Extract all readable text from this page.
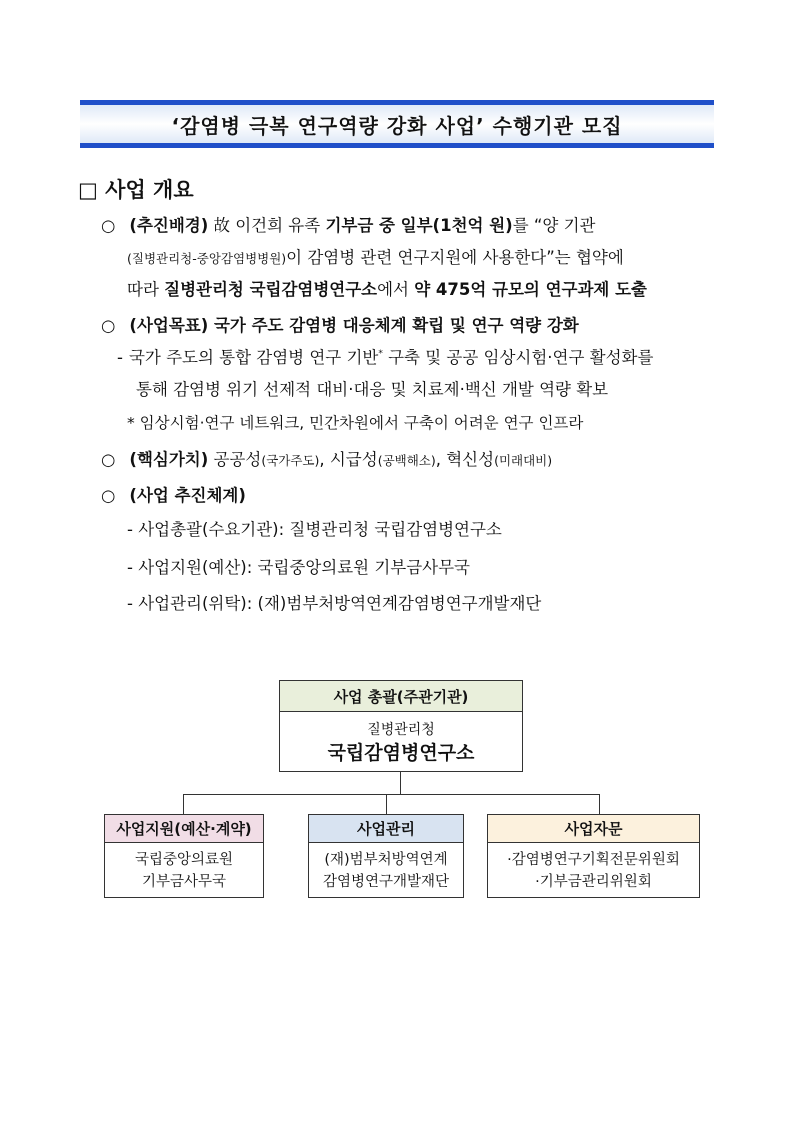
‘감염병 극복 연구역량 강화 사업’ 수행기관 모집
□ 사업 개요
○ (추진배경) 故 이건희 유족 기부금 중 일부(1천억 원)를 “양 기관
(질병관리청-중앙감염병병원)이 감염병 관련 연구지원에 사용한다”는 협약에
따라 질병관리청 국립감염병연구소에서 약 475억 규모의 연구과제 도출
○ (사업목표) 국가 주도 감염병 대응체계 확립 및 연구 역량 강화
- 국가 주도의 통합 감염병 연구 기반* 구축 및 공공 임상시험·연구 활성화를
통해 감염병 위기 선제적 대비·대응 및 치료제·백신 개발 역량 확보
* 임상시험·연구 네트워크, 민간차원에서 구축이 어려운 연구 인프라
○ (핵심가치) 공공성(국가주도), 시급성(공백해소), 혁신성(미래대비)
○ (사업 추진체계)
- 사업총괄(수요기관): 질병관리청 국립감염병연구소
- 사업지원(예산): 국립중앙의료원 기부금사무국
- 사업관리(위탁): (재)범부처방역연계감염병연구개발재단
사업 총괄(주관기관)
질병관리청
국립감염병연구소
사업지원(예산·계약)
국립중앙의료원
기부금사무국
사업관리
(재)범부처방역연계
감염병연구개발재단
사업자문
·감염병연구기획전문위원회
·기부금관리위원회
